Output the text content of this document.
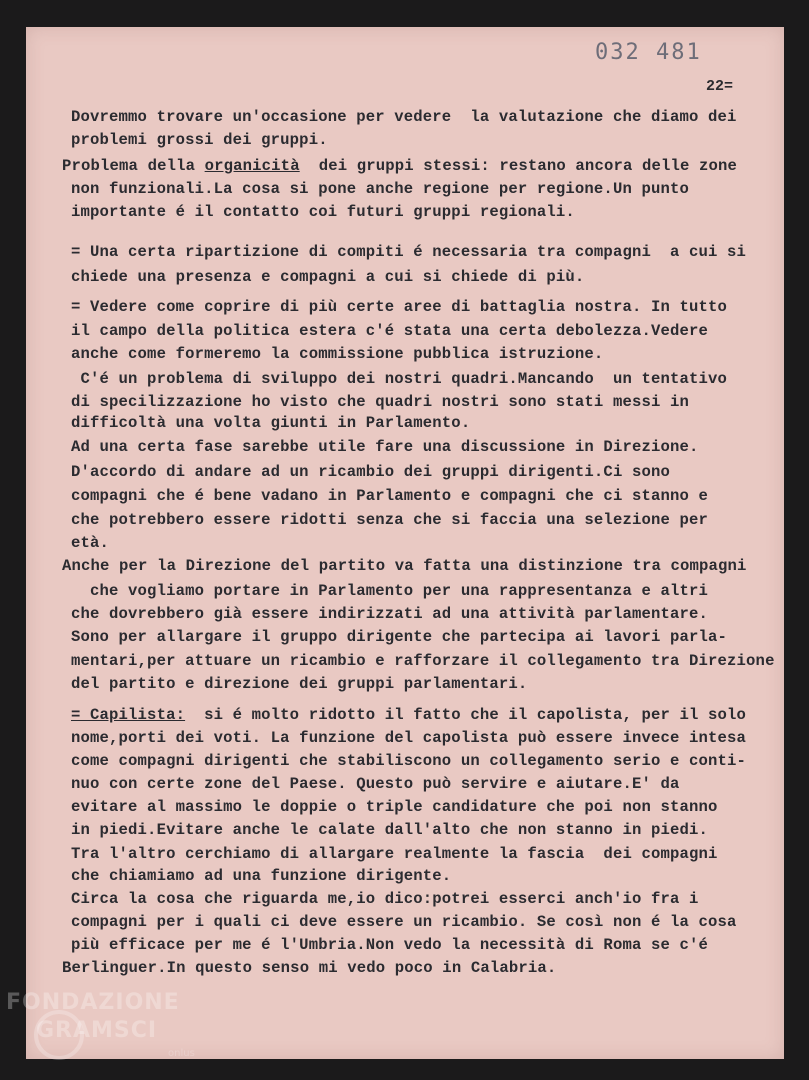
032 481
22=
Dovremmo trovare un'occasione per vedere  la valutazione che diamo dei
problemi grossi dei gruppi.
Problema della organicità  dei gruppi stessi: restano ancora delle zone
non funzionali.La cosa si pone anche regione per regione.Un punto
importante é il contatto coi futuri gruppi regionali.
= Una certa ripartizione di compiti é necessaria tra compagni  a cui si
chiede una presenza e compagni a cui si chiede di più.
= Vedere come coprire di più certe aree di battaglia nostra. In tutto
il campo della politica estera c'é stata una certa debolezza.Vedere
anche come formeremo la commissione pubblica istruzione.
C'é un problema di sviluppo dei nostri quadri.Mancando  un tentativo
di specilizzazione ho visto che quadri nostri sono stati messi in
difficoltà una volta giunti in Parlamento.
Ad una certa fase sarebbe utile fare una discussione in Direzione.
D'accordo di andare ad un ricambio dei gruppi dirigenti.Ci sono
compagni che é bene vadano in Parlamento e compagni che ci stanno e
che potrebbero essere ridotti senza che si faccia una selezione per
età.
Anche per la Direzione del partito va fatta una distinzione tra compagni
che vogliamo portare in Parlamento per una rappresentanza e altri
che dovrebbero già essere indirizzati ad una attività parlamentare.
Sono per allargare il gruppo dirigente che partecipa ai lavori parla-
mentari,per attuare un ricambio e rafforzare il collegamento tra Direzione
del partito e direzione dei gruppi parlamentari.
= Capilista:  si é molto ridotto il fatto che il capolista, per il solo
nome,porti dei voti. La funzione del capolista può essere invece intesa
come compagni dirigenti che stabiliscono un collegamento serio e conti-
nuo con certe zone del Paese. Questo può servire e aiutare.E' da
evitare al massimo le doppie o triple candidature che poi non stanno
in piedi.Evitare anche le calate dall'alto che non stanno in piedi.
Tra l'altro cerchiamo di allargare realmente la fascia  dei compagni
che chiamiamo ad una funzione dirigente.
Circa la cosa che riguarda me,io dico:potrei esserci anch'io fra i
compagni per i quali ci deve essere un ricambio. Se così non é la cosa
più efficace per me é l'Umbria.Non vedo la necessità di Roma se c'é
Berlinguer.In questo senso mi vedo poco in Calabria.
FONDAZIONE
GRAMSCI
onlus
